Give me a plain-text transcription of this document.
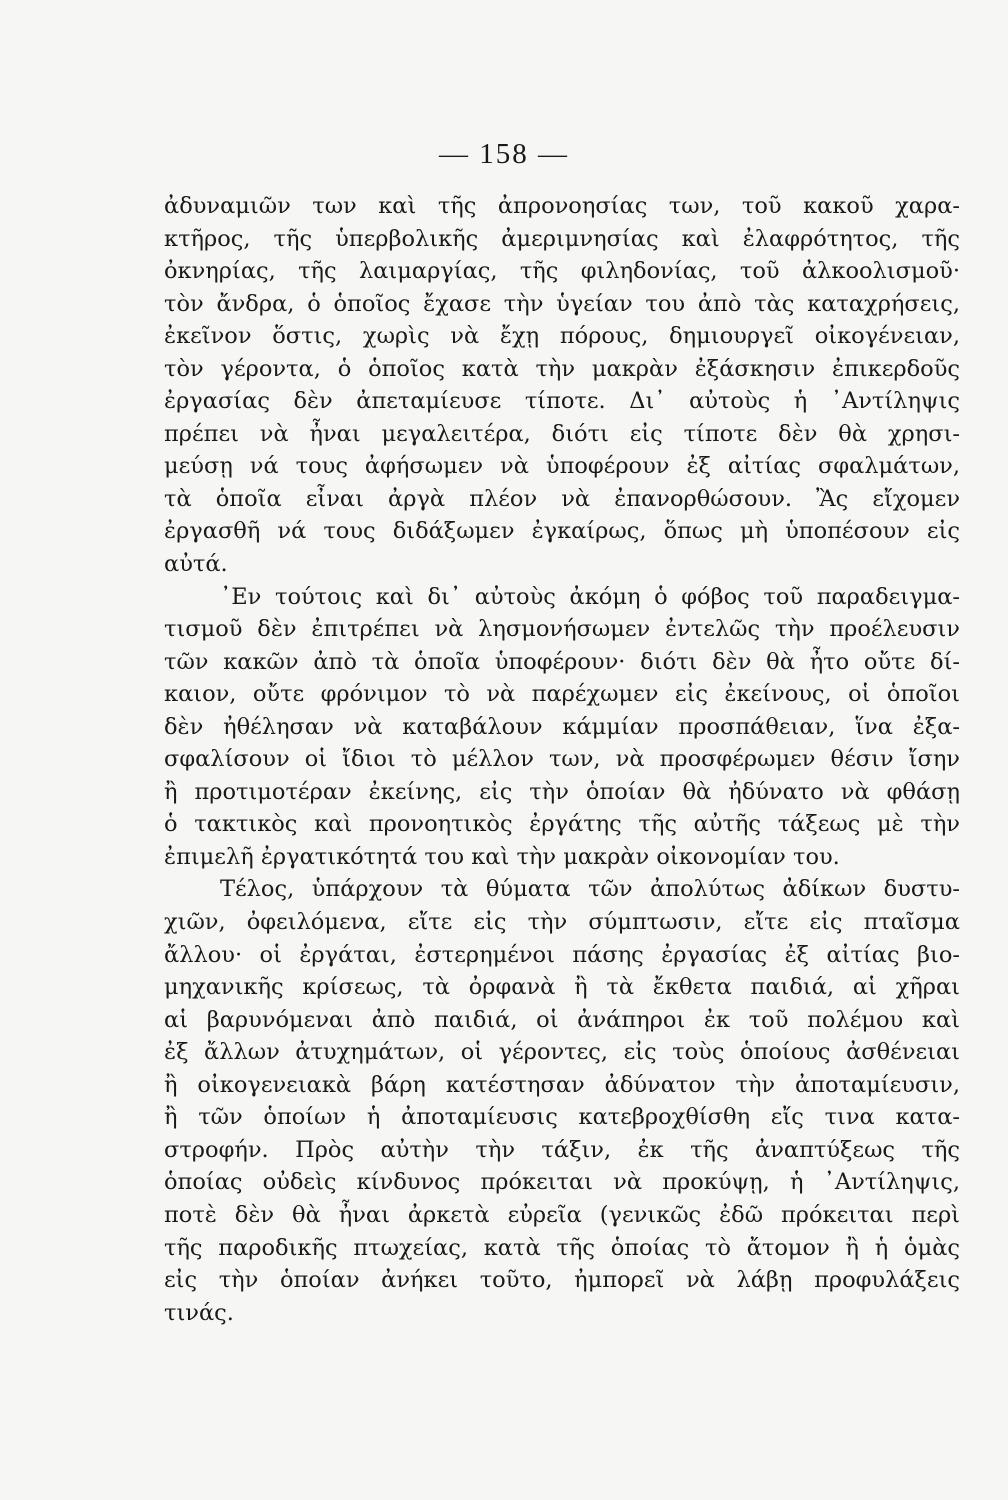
— 158 —
ἀδυναμιῶν των καὶ τῆς ἀπρονοησίας των, τοῦ κακοῦ χαρα-
κτῆρος, τῆς ὑπερβολικῆς ἀμεριμνησίας καὶ ἐλαφρότητος, τῆς
ὀκνηρίας, τῆς λαιμαργίας, τῆς φιληδονίας, τοῦ ἀλκοολισμοῦ·
τὸν ἄνδρα, ὁ ὁποῖος ἔχασε τὴν ὑγείαν του ἀπὸ τὰς καταχρήσεις,
ἐκεῖνον ὅστις, χωρὶς νὰ ἔχῃ πόρους, δημιουργεῖ οἰκογένειαν,
τὸν γέροντα, ὁ ὁποῖος κατὰ τὴν μακρὰν ἐξάσκησιν ἐπικερδοῦς
ἐργασίας δὲν ἀπεταμίευσε τίποτε. Δι᾿ αὐτοὺς ἡ ᾿Αντίληψις
πρέπει νὰ ἦναι μεγαλειτέρα, διότι εἰς τίποτε δὲν θὰ χρησι-
μεύσῃ νά τους ἀφήσωμεν νὰ ὑποφέρουν ἐξ αἰτίας σφαλμάτων,
τὰ ὁποῖα εἶναι ἀργὰ πλέον νὰ ἐπανορθώσουν. Ἂς εἴχομεν
ἐργασθῆ νά τους διδάξωμεν ἐγκαίρως, ὅπως μὴ ὑποπέσουν εἰς
αὐτά.
᾿Εν τούτοις καὶ δι᾿ αὐτοὺς ἀκόμη ὁ φόβος τοῦ παραδειγμα-
τισμοῦ δὲν ἐπιτρέπει νὰ λησμονήσωμεν ἐντελῶς τὴν προέλευσιν
τῶν κακῶν ἀπὸ τὰ ὁποῖα ὑποφέρουν· διότι δὲν θὰ ἦτο οὔτε δί-
καιον, οὔτε φρόνιμον τὸ νὰ παρέχωμεν εἰς ἐκείνους, οἱ ὁποῖοι
δὲν ἠθέλησαν νὰ καταβάλουν κάμμίαν προσπάθειαν, ἵνα ἐξα-
σφαλίσουν οἱ ἴδιοι τὸ μέλλον των, νὰ προσφέρωμεν θέσιν ἴσην
ἢ προτιμοτέραν ἐκείνης, εἰς τὴν ὁποίαν θὰ ἠδύνατο νὰ φθάσῃ
ὁ τακτικὸς καὶ προνοητικὸς ἐργάτης τῆς αὐτῆς τάξεως μὲ τὴν
ἐπιμελῆ ἐργατικότητά του καὶ τὴν μακρὰν οἰκονομίαν του.
Τέλος, ὑπάρχουν τὰ θύματα τῶν ἀπολύτως ἀδίκων δυστυ-
χιῶν, ὀφειλόμενα, εἴτε εἰς τὴν σύμπτωσιν, εἴτε εἰς πταῖσμα
ἄλλου· οἱ ἐργάται, ἐστερημένοι πάσης ἐργασίας ἐξ αἰτίας βιο-
μηχανικῆς κρίσεως, τὰ ὀρφανὰ ἢ τὰ ἔκθετα παιδιά, αἱ χῆραι
αἱ βαρυνόμεναι ἀπὸ παιδιά, οἱ ἀνάπηροι ἐκ τοῦ πολέμου καὶ
ἐξ ἄλλων ἀτυχημάτων, οἱ γέροντες, εἰς τοὺς ὁποίους ἀσθένειαι
ἢ οἰκογενειακὰ βάρη κατέστησαν ἀδύνατον τὴν ἀποταμίευσιν,
ἢ τῶν ὁποίων ἡ ἀποταμίευσις κατεβροχθίσθη εἴς τινα κατα-
στροφήν. Πρὸς αὐτὴν τὴν τάξιν, ἐκ τῆς ἀναπτύξεως τῆς
ὁποίας οὐδεὶς κίνδυνος πρόκειται νὰ προκύψῃ, ἡ ᾿Αντίληψις,
ποτὲ δὲν θὰ ἦναι ἀρκετὰ εὐρεῖα (γενικῶς ἐδῶ πρόκειται περὶ
τῆς παροδικῆς πτωχείας, κατὰ τῆς ὁποίας τὸ ἄτομον ἢ ἡ ὁμὰς
εἰς τὴν ὁποίαν ἀνήκει τοῦτο, ἠμπορεῖ νὰ λάβῃ προφυλάξεις
τινάς.
